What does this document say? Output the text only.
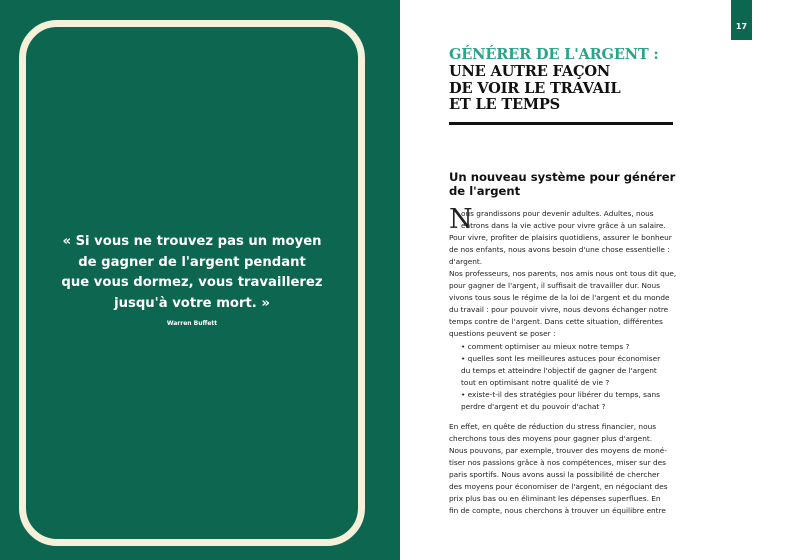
« Si vous ne trouvez pas un moyen
de gagner de l'argent pendant
que vous dormez, vous travaillerez
jusqu'à votre mort. »
Warren Buffett
17
GÉNÉRER DE L'ARGENT :
UNE AUTRE FAÇON
DE VOIR LE TRAVAIL
ET LE TEMPS
Un nouveau système pour générer
de l'argent
N
ous grandissons pour devenir adultes. Adultes, nous
entrons dans la vie active pour vivre grâce à un salaire.
Pour vivre, profiter de plaisirs quotidiens, assurer le bonheur
de nos enfants, nous avons besoin d'une chose essentielle :
d'argent.
Nos professeurs, nos parents, nos amis nous ont tous dit que,
pour gagner de l'argent, il suffisait de travailler dur. Nous
vivons tous sous le régime de la loi de l'argent et du monde
du travail : pour pouvoir vivre, nous devons échanger notre
temps contre de l'argent. Dans cette situation, différentes
questions peuvent se poser :
• comment optimiser au mieux notre temps ?
• quelles sont les meilleures astuces pour économiser
du temps et atteindre l'objectif de gagner de l'argent
tout en optimisant notre qualité de vie ?
• existe-t-il des stratégies pour libérer du temps, sans
perdre d'argent et du pouvoir d'achat ?
En effet, en quête de réduction du stress financier, nous
cherchons tous des moyens pour gagner plus d'argent.
Nous pouvons, par exemple, trouver des moyens de moné-
tiser nos passions grâce à nos compétences, miser sur des
paris sportifs. Nous avons aussi la possibilité de chercher
des moyens pour économiser de l'argent, en négociant des
prix plus bas ou en éliminant les dépenses superflues. En
fin de compte, nous cherchons à trouver un équilibre entre
